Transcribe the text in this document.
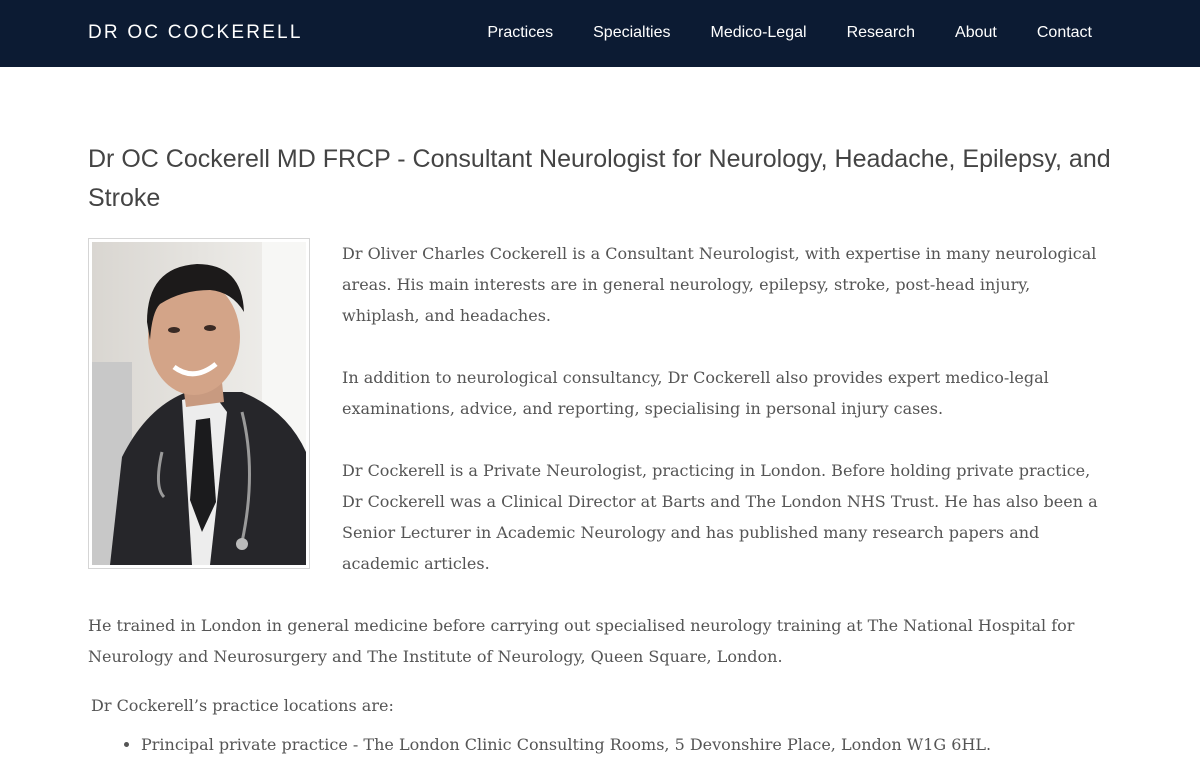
DR OC COCKERELL	Practices	Specialties	Medico-Legal	Research	About	Contact
Dr OC Cockerell MD FRCP - Consultant Neurologist for Neurology, Headache, Epilepsy, and Stroke

Dr Oliver Charles Cockerell is a Consultant Neurologist, with expertise in many neurological areas. His main interests are in general neurology, epilepsy, stroke, post-head injury, whiplash, and headaches.

In addition to neurological consultancy, Dr Cockerell also provides expert medico-legal examinations, advice, and reporting, specialising in personal injury cases.

Dr Cockerell is a Private Neurologist, practicing in London. Before holding private practice, Dr Cockerell was a Clinical Director at Barts and The London NHS Trust. He has also been a Senior Lecturer in Academic Neurology and has published many research papers and academic articles.

He trained in London in general medicine before carrying out specialised neurology training at The National Hospital for Neurology and Neurosurgery and The Institute of Neurology, Queen Square, London.

Dr Cockerell’s practice locations are:

• Principal private practice - The London Clinic Consulting Rooms, 5 Devonshire Place, London W1G 6HL.
